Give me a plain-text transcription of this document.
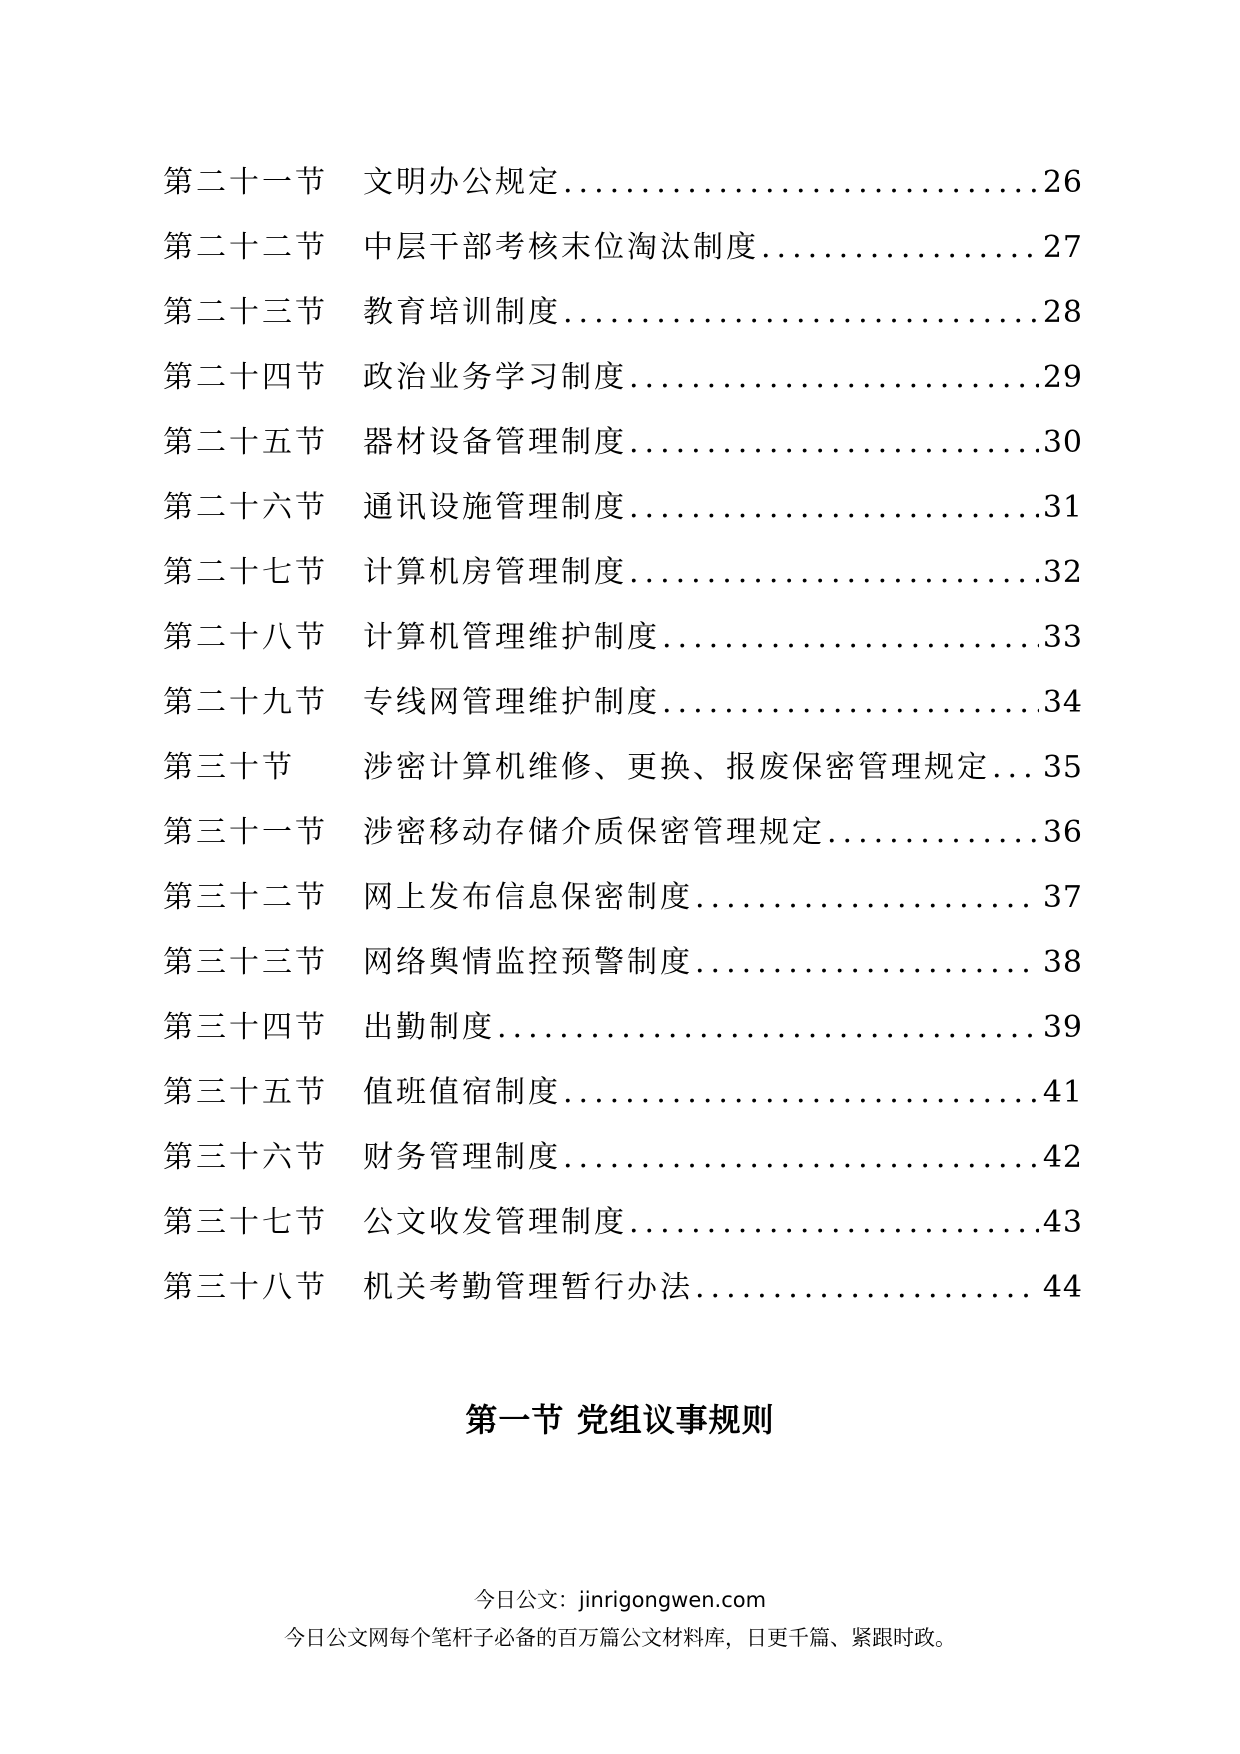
第二十一节	文明办公规定 .....	26
第二十二节	中层干部考核末位淘汰制度 .....	27
第二十三节	教育培训制度 .....	28
第二十四节	政治业务学习制度 .....	29
第二十五节	器材设备管理制度 .....	30
第二十六节	通讯设施管理制度 .....	31
第二十七节	计算机房管理制度 .....	32
第二十八节	计算机管理维护制度 .....	33
第二十九节	专线网管理维护制度 .....	34
第三十节	涉密计算机维修、更换、报废保密管理规定 ..... 35
第三十一节	涉密移动存储介质保密管理规定 .....	36
第三十二节	网上发布信息保密制度 .....	37
第三十三节	网络舆情监控预警制度 .....	38
第三十四节	出勤制度 .....	39
第三十五节	值班值宿制度 .....	41
第三十六节	财务管理制度 .....	42
第三十七节	公文收发管理制度 .....	43
第三十八节	机关考勤管理暂行办法 .....	44
第一节 党组议事规则
今日公文：jinrigongwen.com
今日公文网每个笔杆子必备的百万篇公文材料库，日更千篇、紧跟时政。
